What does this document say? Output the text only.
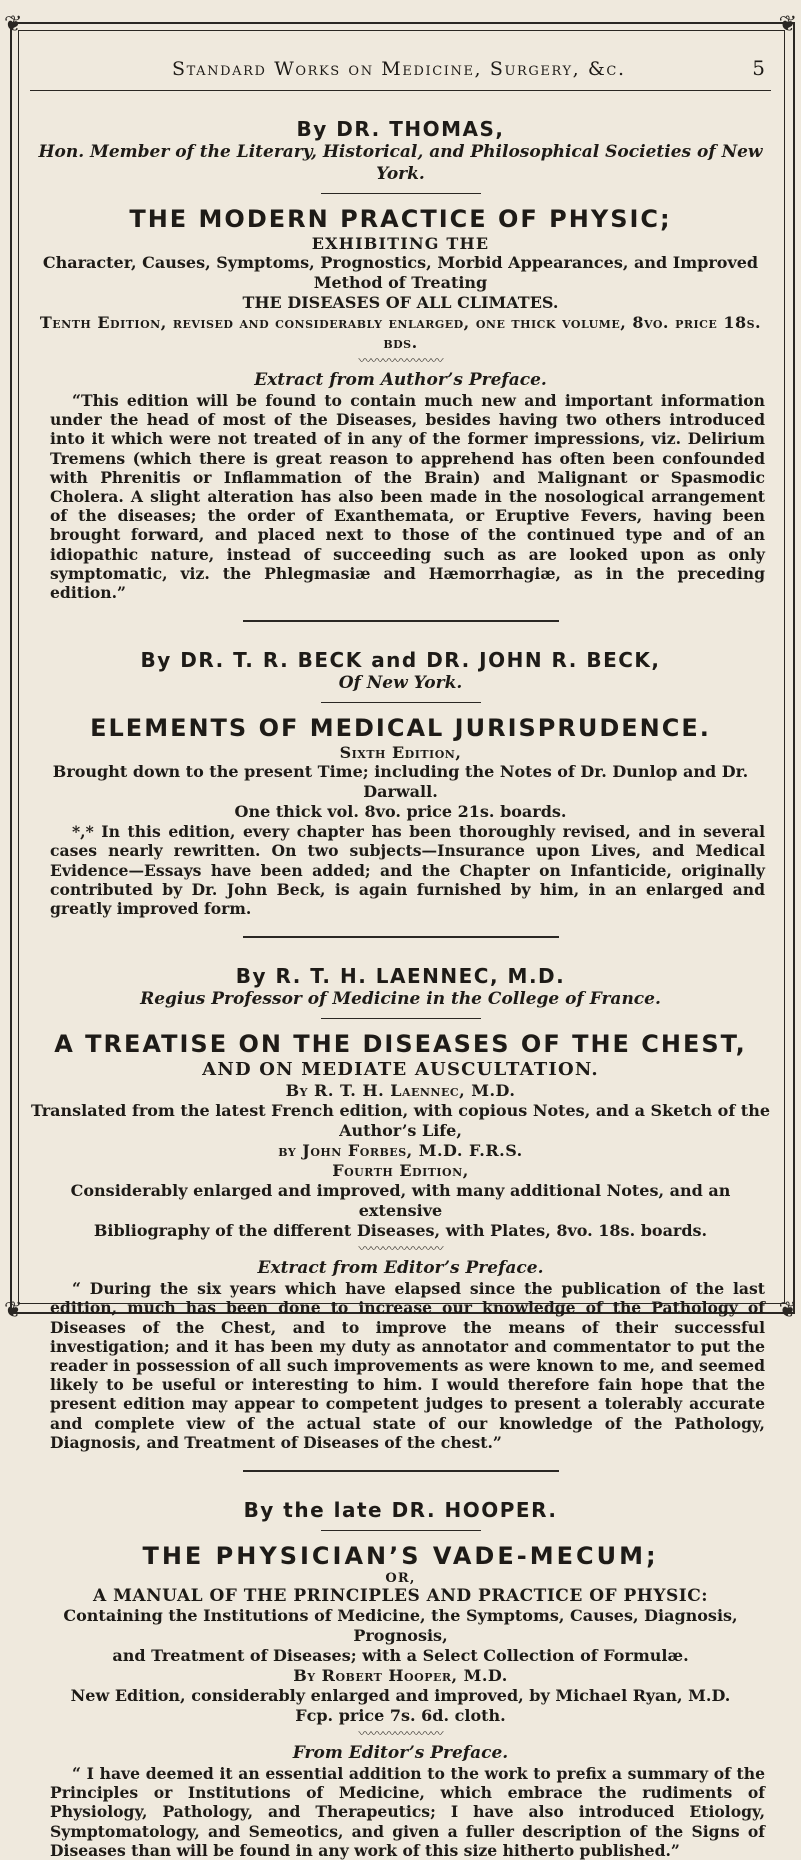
❦	❦
❦	❦
Standard Works on Medicine, Surgery, &c.	5

By DR. THOMAS,

Hon. Member of the Literary, Historical, and Philosophical Societies of New York.

THE MODERN PRACTICE OF PHYSIC;

EXHIBITING THE

Character, Causes, Symptoms, Prognostics, Morbid Appearances, and Improved Method of Treating

THE DISEASES OF ALL CLIMATES.

Tenth Edition, revised and considerably enlarged, one thick volume, 8vo. price 18s. bds.

〰〰〰〰〰〰〰

Extract from Author’s Preface.

“This edition will be found to contain much new and important information under the head of most of the Diseases, besides having two others introduced into it which were not treated of in any of the former impressions, viz. Delirium Tremens (which there is great reason to apprehend has often been confounded with Phrenitis or Inflammation of the Brain) and Malignant or Spasmodic Cholera. A slight alteration has also been made in the nosological arrangement of the diseases; the order of Exanthemata, or Eruptive Fevers, having been brought forward, and placed next to those of the continued type and of an idiopathic nature, instead of succeeding such as are looked upon as only symptomatic, viz. the Phlegmasiæ and Hæmorrhagiæ, as in the preceding edition.”

By DR. T. R. BECK and DR. JOHN R. BECK,

Of New York.

ELEMENTS OF MEDICAL JURISPRUDENCE.

Sixth Edition,

Brought down to the present Time; including the Notes of Dr. Dunlop and Dr. Darwall.

One thick vol. 8vo. price 21s. boards.

*,* In this edition, every chapter has been thoroughly revised, and in several cases nearly rewritten. On two subjects—Insurance upon Lives, and Medical Evidence—Essays have been added; and the Chapter on Infanticide, originally contributed by Dr. John Beck, is again furnished by him, in an enlarged and greatly improved form.

By R. T. H. LAENNEC, M.D.

Regius Professor of Medicine in the College of France.

A TREATISE ON THE DISEASES OF THE CHEST,

AND ON MEDIATE AUSCULTATION.

By R. T. H. Laennec, M.D.

Translated from the latest French edition, with copious Notes, and a Sketch of the Author’s Life,

by John Forbes, M.D. F.R.S.

Fourth Edition,

Considerably enlarged and improved, with many additional Notes, and an extensive

Bibliography of the different Diseases, with Plates, 8vo. 18s. boards.

〰〰〰〰〰〰〰

Extract from Editor’s Preface.

“ During the six years which have elapsed since the publication of the last edition, much has been done to increase our knowledge of the Pathology of Diseases of the Chest, and to improve the means of their successful investigation; and it has been my duty as annotator and commentator to put the reader in possession of all such improvements as were known to me, and seemed likely to be useful or interesting to him. I would therefore fain hope that the present edition may appear to competent judges to present a tolerably accurate and complete view of the actual state of our knowledge of the Pathology, Diagnosis, and Treatment of Diseases of the chest.”

By the late DR. HOOPER.

THE PHYSICIAN’S VADE-MECUM;

OR,

A MANUAL OF THE PRINCIPLES AND PRACTICE OF PHYSIC:

Containing the Institutions of Medicine, the Symptoms, Causes, Diagnosis, Prognosis,

and Treatment of Diseases; with a Select Collection of Formulæ.

By Robert Hooper, M.D.

New Edition, considerably enlarged and improved, by Michael Ryan, M.D.

Fcp. price 7s. 6d. cloth.

〰〰〰〰〰〰〰

From Editor’s Preface.

“ I have deemed it an essential addition to the work to prefix a summary of the Principles or Institutions of Medicine, which embrace the rudiments of Physiology, Pathology, and Therapeutics; I have also introduced Etiology, Symptomatology, and Semeotics, and given a fuller description of the Signs of Diseases than will be found in any work of this size hitherto published.”
